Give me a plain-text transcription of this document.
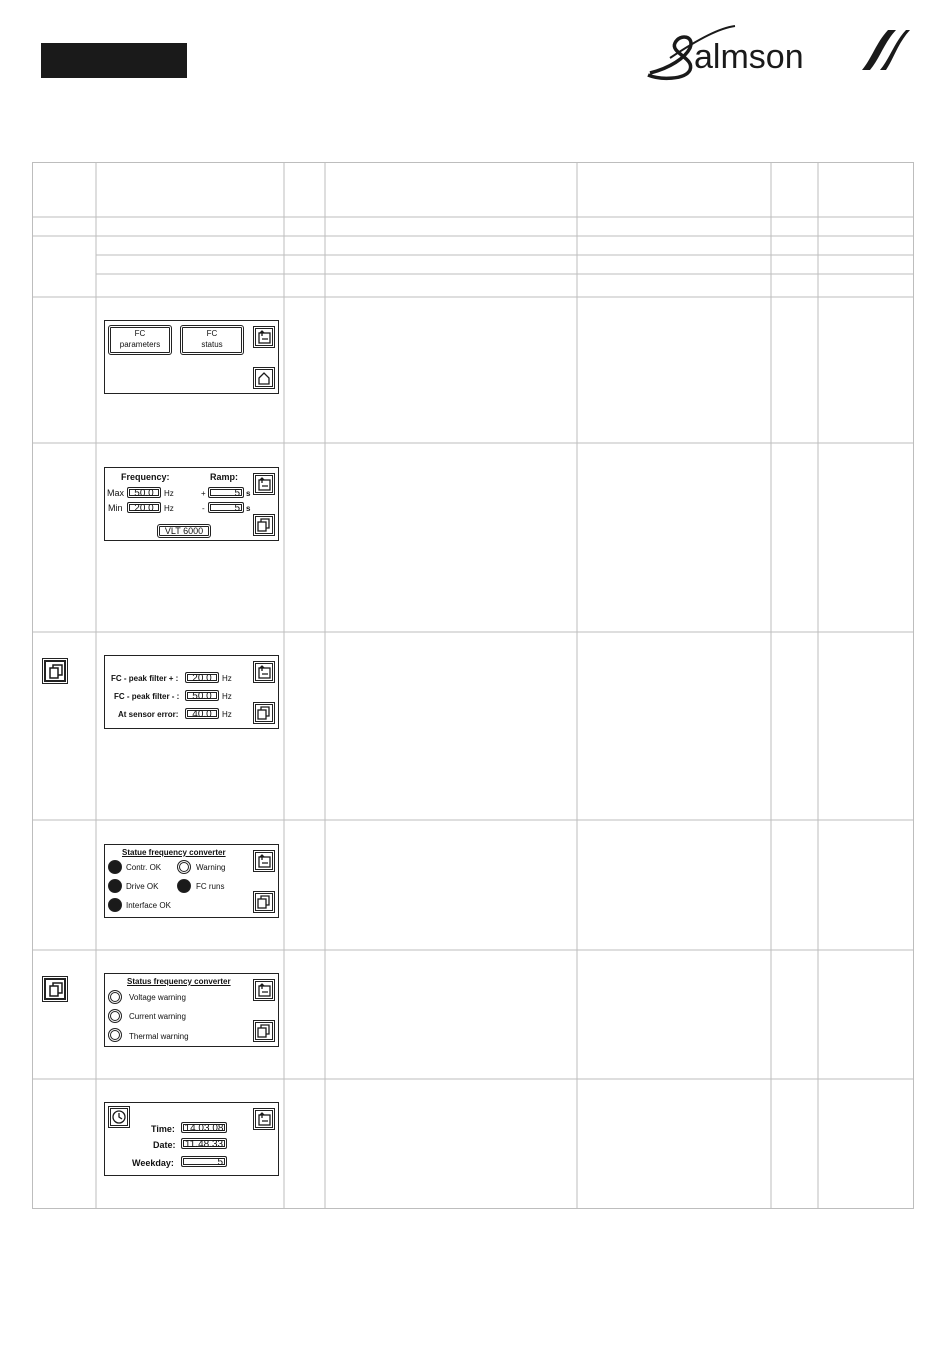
almson
FC
parameters
FC
status
Frequency:	Ramp:
Max	50.0	Hz	+	5 s
Min	20.0	Hz	-	5 s
VLT 6000
FC - peak filter + :	20.0	Hz
FC - peak filter - :	50.0	Hz
At sensor error:	40.0	Hz
Statue frequency converter
Contr. OK	Warning
Drive OK	FC runs
Interface OK
Status frequency converter
Voltage warning
Current warning
Thermal warning
Time: 14.03.08
Date: 11.48.33
Weekday:	5
